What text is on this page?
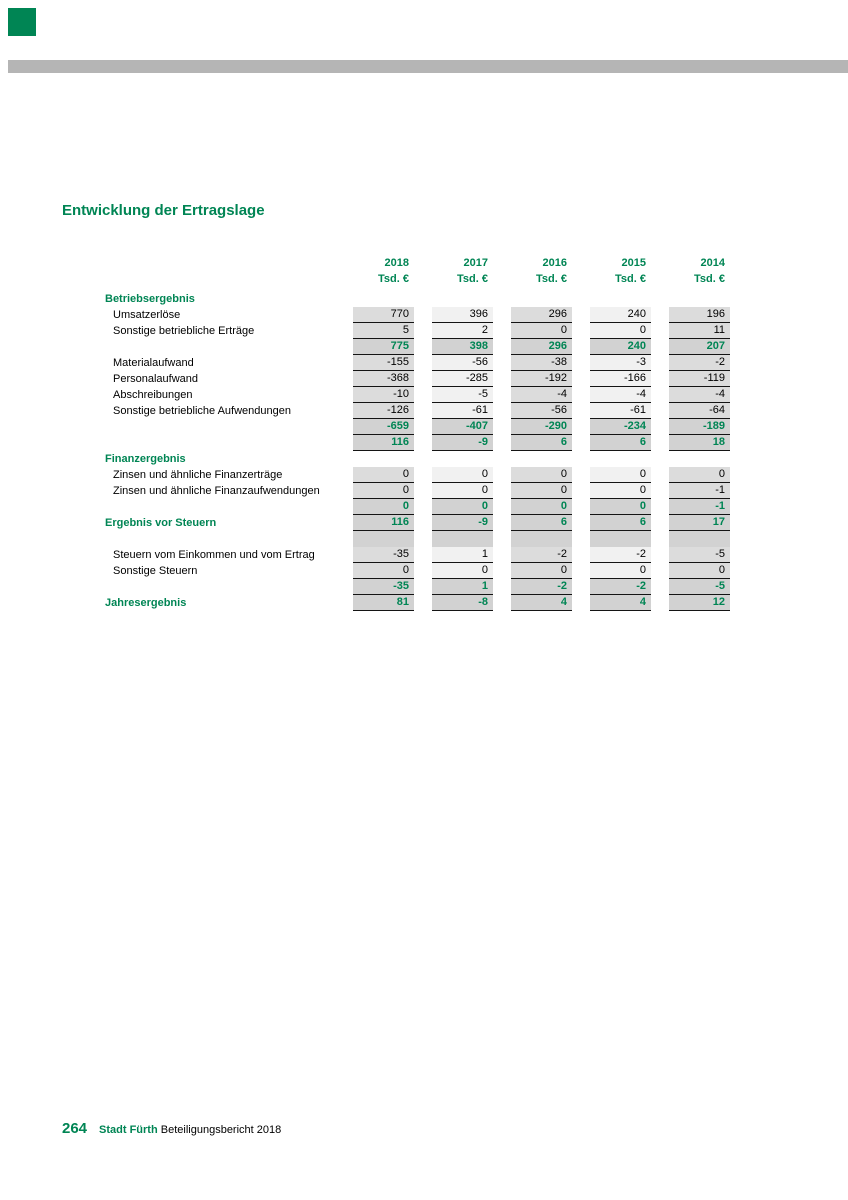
Entwicklung der Ertragslage
2018	2017	2016	2015	2014
Tsd. €	Tsd. €	Tsd. €	Tsd. €	Tsd. €
Betriebsergebnis
Umsatzerlöse	770	396	296	240	196
Sonstige betriebliche Erträge	5	2	0	0	11
775	398	296	240	207
Materialaufwand	-155	-56	-38	-3	-2
Personalaufwand	-368	-285	-192	-166	-119
Abschreibungen	-10	-5	-4	-4	-4
Sonstige betriebliche Aufwendungen	-126	-61	-56	-61	-64
-659	-407	-290	-234	-189
116	-9	6	6	18
Finanzergebnis
Zinsen und ähnliche Finanzerträge	0	0	0	0	0
Zinsen und ähnliche Finanzaufwendungen	0	0	0	0	-1
0	0	0	0	-1
Ergebnis vor Steuern	116	-9	6	6	17
Steuern vom Einkommen und vom Ertrag	-35	1	-2	-2	-5
Sonstige Steuern	0	0	0	0	0
-35	1	-2	-2	-5
Jahresergebnis	81	-8	4	4	12
264 Stadt Fürth Beteiligungsbericht 2018
